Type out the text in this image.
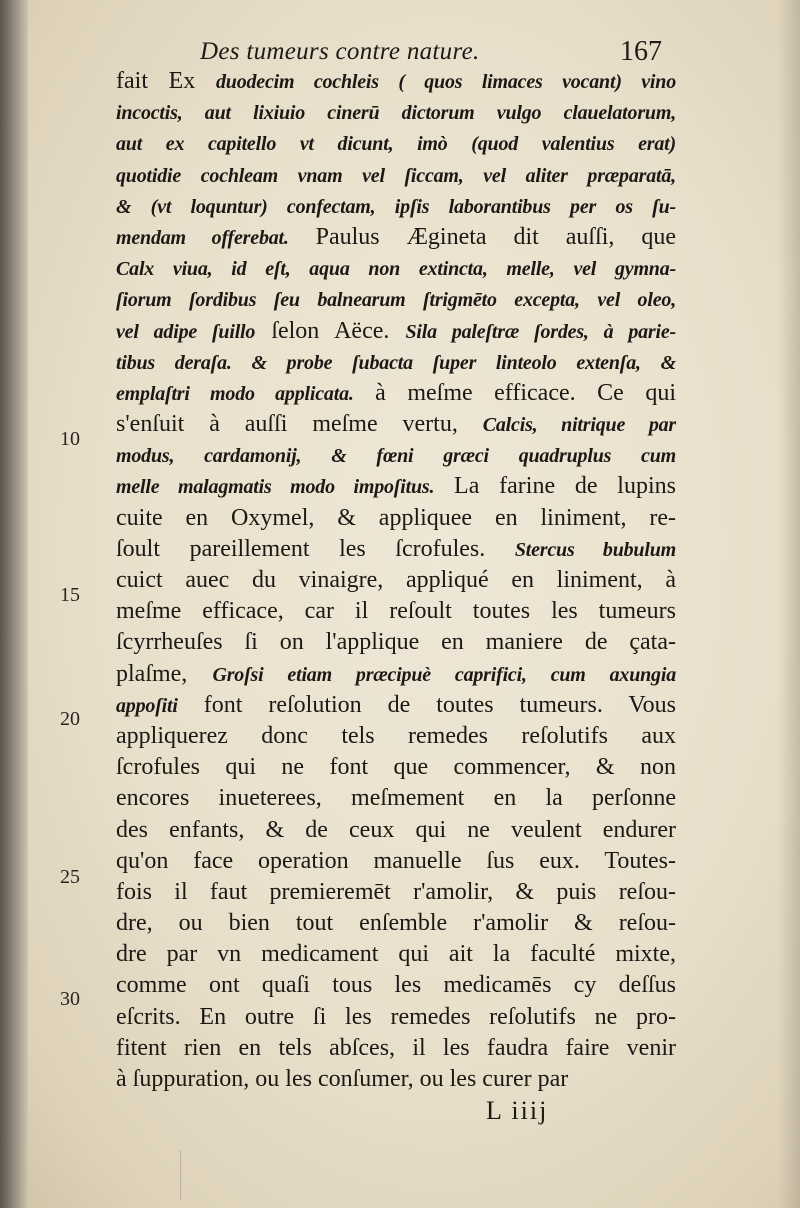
Des tumeurs contre nature.	167
10
15
20
25
30
fait Ex duodecim cochleis ( quos limaces vocant) vino
incoctis, aut lixiuio cinerū dictorum vulgo clauelatorum,
aut ex capitello vt dicunt, imò (quod valentius erat)
quotidie cochleam vnam vel ſiccam, vel aliter præparatā,
& (vt loquntur) confectam, ipſis laborantibus per os ſu-
mendam offerebat. Paulus Ægineta dit auſſi, que
Calx viua, id eſt, aqua non extincta, melle, vel gymna-
ſiorum ſordibus ſeu balnearum ſtrigmēto excepta, vel oleo,
vel adipe ſuillo ſelon Aëce. Sila paleſtræ ſordes, à parie-
tibus deraſa. & probe ſubacta ſuper linteolo extenſa, &
emplaſtri modo applicata. à meſme efficace. Ce qui
s'enſuit à auſſi meſme vertu, Calcis, nitrique par
modus, cardamonij, & fœni græci quadruplus cum
melle malagmatis modo impoſitus. La farine de lupins
cuite en Oxymel, & appliquee en liniment, re-
ſoult pareillement les ſcrofules. Stercus bubulum
cuict auec du vinaigre, appliqué en liniment, à
meſme efficace, car il reſoult toutes les tumeurs
ſcyrrheuſes ſi on l'applique en maniere de çata-
plaſme, Groſsi etiam præcipuè caprifici, cum axungia
appoſiti font reſolution de toutes tumeurs. Vous
appliquerez donc tels remedes reſolutifs aux
ſcrofules qui ne font que commencer, & non
encores inueterees, meſmement en la perſonne
des enfants, & de ceux qui ne veulent endurer
qu'on face operation manuelle ſus eux. Toutes-
fois il faut premieremēt r'amolir, & puis reſou-
dre, ou bien tout enſemble r'amolir & reſou-
dre par vn medicament qui ait la faculté mixte,
comme ont quaſi tous les medicamēs cy deſſus
eſcrits. En outre ſi les remedes reſolutifs ne pro-
fitent rien en tels abſces, il les faudra faire venir
à ſuppuration, ou les conſumer, ou les curer par
L iiij
